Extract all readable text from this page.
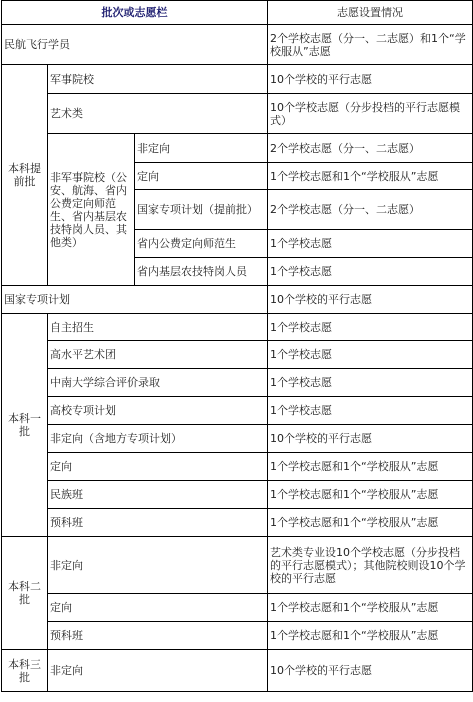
批次或志愿栏			志愿设置情况
民航飞行学员			2个学校志愿（分一、二志愿）和1个“学校服从”志愿
本科提前批	军事院校		10个学校的平行志愿
	艺术类		10个学校志愿（分步投档的平行志愿模式）
	非军事院校（公安、航海、省内公费定向师范生、省内基层农技特岗人员、其他类）	非定向	2个学校志愿（分一、二志愿）
		定向	1个学校志愿和1个“学校服从”志愿
		国家专项计划（提前批）	2个学校志愿（分一、二志愿）
		省内公费定向师范生	1个学校志愿
		省内基层农技特岗人员	1个学校志愿
国家专项计划			10个学校的平行志愿
本科一批	自主招生		1个学校志愿
	高水平艺术团		1个学校志愿
	中南大学综合评价录取		1个学校志愿
	高校专项计划		1个学校志愿
	非定向（含地方专项计划）		10个学校的平行志愿
	定向		1个学校志愿和1个“学校服从”志愿
	民族班		1个学校志愿和1个“学校服从”志愿
	预科班		1个学校志愿和1个“学校服从”志愿
本科二批	非定向		艺术类专业设10个学校志愿（分步投档的平行志愿模式）；其他院校则设10个学校的平行志愿
	定向		1个学校志愿和1个“学校服从”志愿
	预科班		1个学校志愿和1个“学校服从”志愿
本科三批	非定向		10个学校的平行志愿
